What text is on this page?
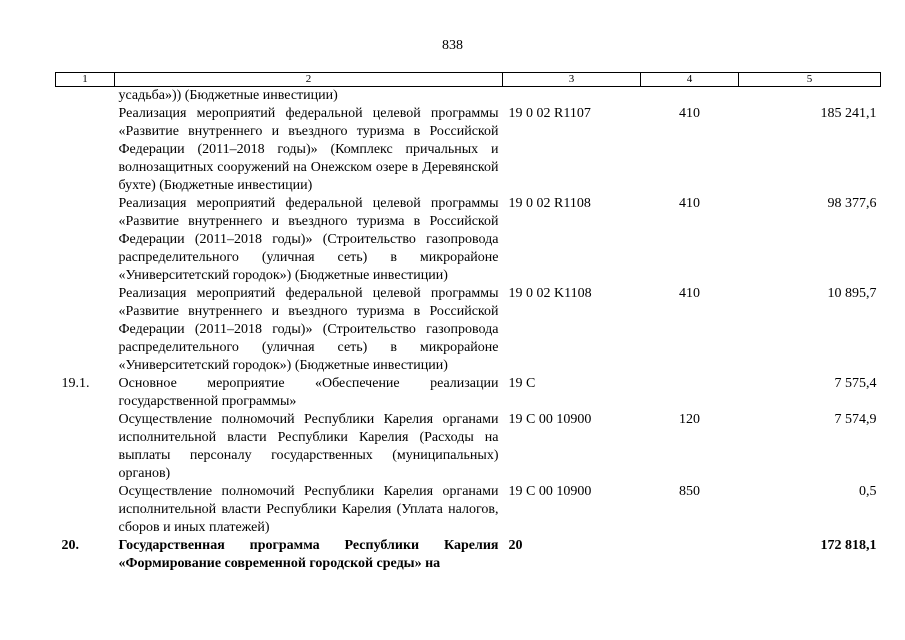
838
1	2	3	4	5
	усадьба»)) (Бюджетные инвестиции)			
	Реализация мероприятий федеральной целевой программы «Развитие внутреннего и въездного туризма в Российской Федерации (2011–2018 годы)» (Комплекс причальных и волнозащитных сооружений на Онежском озере в Деревянской бухте) (Бюджетные инвестиции)	19 0 02 R1107	410	185 241,1
	Реализация мероприятий федеральной целевой программы «Развитие внутреннего и въездного туризма в Российской Федерации (2011–2018 годы)» (Строительство газопровода распределительного (уличная сеть) в микрорайоне «Университетский городок») (Бюджетные инвестиции)	19 0 02 R1108	410	98 377,6
	Реализация мероприятий федеральной целевой программы «Развитие внутреннего и въездного туризма в Российской Федерации (2011–2018 годы)» (Строительство газопровода распределительного (уличная сеть) в микрорайоне «Университетский городок») (Бюджетные инвестиции)	19 0 02 K1108	410	10 895,7
19.1.	Основное мероприятие «Обеспечение реализации государственной программы»	19 C		7 575,4
	Осуществление полномочий Республики Карелия органами исполнительной власти Республики Карелия (Расходы на выплаты персоналу государственных (муниципальных) органов)	19 C 00 10900	120	7 574,9
	Осуществление полномочий Республики Карелия органами исполнительной власти Республики Карелия (Уплата налогов, сборов и иных платежей)	19 C 00 10900	850	0,5
20.	Государственная программа Республики Карелия «Формирование современной городской среды» на	20		172 818,1
